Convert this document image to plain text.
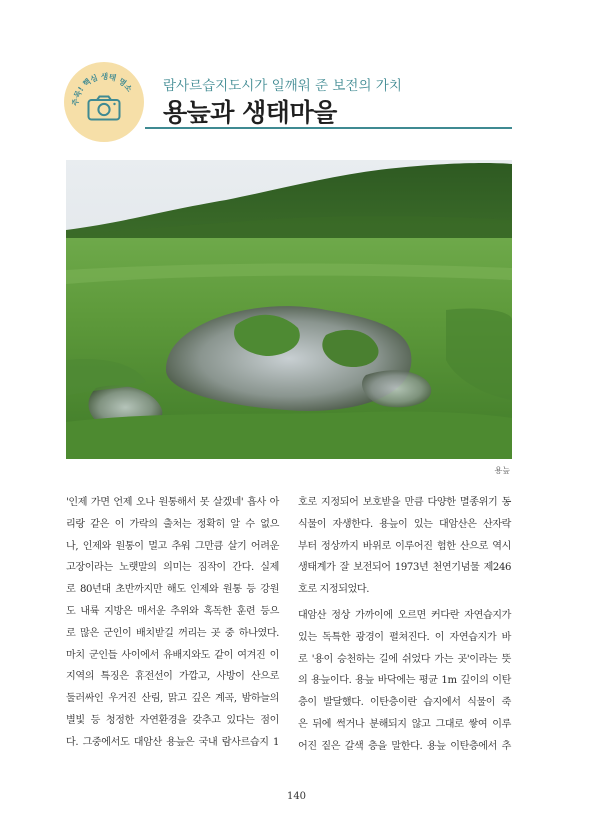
주목! 핵심 생태 명소 람사르습지도시가 일깨워 준 보전의 가치
용늪과 생태마을
용늪
'인제 가면 언제 오나 원통해서 못 살겠네' 흡사 아
리랑 같은 이 가락의 출처는 정확히 알 수 없으
나, 인제와 원통이 멀고 추워 그만큼 살기 어려운
고장이라는 노랫말의 의미는 짐작이 간다. 실제
로 80년대 초반까지만 해도 인제와 원통 등 강원
도 내륙 지방은 매서운 추위와 혹독한 훈련 등으
로 많은 군인이 배치받길 꺼리는 곳 중 하나였다.
마치 군인들 사이에서 유배지와도 같이 여겨진 이
지역의 특징은 휴전선이 가깝고, 사방이 산으로
둘러싸인 우거진 산림, 맑고 깊은 계곡, 밤하늘의
별빛 등 청정한 자연환경을 갖추고 있다는 점이
다. 그중에서도 대암산 용늪은 국내 람사르습지 1
호로 지정되어 보호받을 만큼 다양한 멸종위기 동
식물이 자생한다. 용늪이 있는 대암산은 산자락
부터 정상까지 바위로 이루어진 험한 산으로 역시
생태계가 잘 보전되어 1973년 천연기념물 제246
호로 지정되었다.
대암산 정상 가까이에 오르면 커다란 자연습지가
있는 독특한 광경이 펼쳐진다. 이 자연습지가 바
로 '용이 승천하는 길에 쉬었다 가는 곳'이라는 뜻
의 용늪이다. 용늪 바닥에는 평균 1m 깊이의 이탄
층이 발달했다. 이탄층이란 습지에서 식물이 죽
은 뒤에 썩거나 분해되지 않고 그대로 쌓여 이루
어진 짙은 갈색 층을 말한다. 용늪 이탄층에서 추
140
